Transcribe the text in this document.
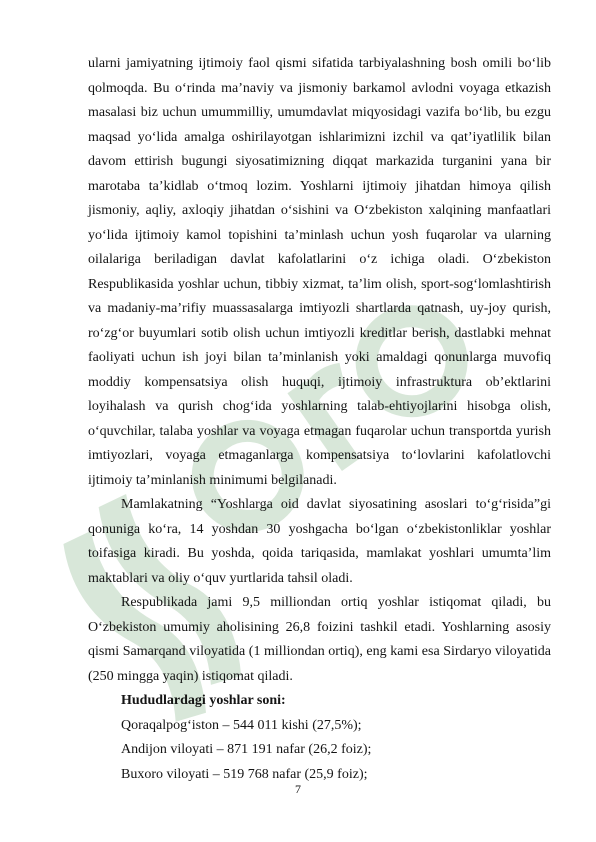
ularni jamiyatning ijtimoiy faol qismi sifatida tarbiyalashning bosh omili bo‘lib qolmoqda. Bu o‘rinda ma’naviy va jismoniy barkamol avlodni voyaga etkazish masalasi biz uchun umummilliy, umumdavlat miqyosidagi vazifa bo‘lib, bu ezgu maqsad yo‘lida amalga oshirilayotgan ishlarimizni izchil va qat’iyatlilik bilan davom ettirish bugungi siyosatimizning diqqat markazida turganini yana bir marotaba ta’kidlab o‘tmoq lozim. Yoshlarni ijtimoiy jihatdan himoya qilish jismoniy, aqliy, axloqiy jihatdan o‘sishini va O‘zbekiston xalqining manfaatlari yo‘lida ijtimoiy kamol topishini ta’minlash uchun yosh fuqarolar va ularning oilalariga beriladigan davlat kafolatlarini o‘z ichiga oladi. O‘zbekiston Respublikasida yoshlar uchun, tibbiy xizmat, ta’lim olish, sport-sog‘lomlashtirish va madaniy-ma’rifiy muassasalarga imtiyozli shartlarda qatnash, uy-joy qurish, ro‘zg‘or buyumlari sotib olish uchun imtiyozli kreditlar berish, dastlabki mehnat faoliyati uchun ish joyi bilan ta’minlanish yoki amaldagi qonunlarga muvofiq moddiy kompensatsiya olish huquqi, ijtimoiy infrastruktura ob’ektlarini loyihalash va qurish chog‘ida yoshlarning talab-ehtiyojlarini hisobga olish, o‘quvchilar, talaba yoshlar va voyaga etmagan fuqarolar uchun transportda yurish imtiyozlari, voyaga etmaganlarga kompensatsiya to‘lovlarini kafolatlovchi ijtimoiy ta’minlanish minimumi belgilanadi.

Mamlakatning “Yoshlarga oid davlat siyosatining asoslari to‘g‘risida”gi qonuniga ko‘ra, 14 yoshdan 30 yoshgacha bo‘lgan o‘zbekistonliklar yoshlar toifasiga kiradi. Bu yoshda, qoida tariqasida, mamlakat yoshlari umumta’lim maktablari va oliy o‘quv yurtlarida tahsil oladi.

Respublikada jami 9,5 milliondan ortiq yoshlar istiqomat qiladi, bu O‘zbekiston umumiy aholisining 26,8 foizini tashkil etadi. Yoshlarning asosiy qismi Samarqand viloyatida (1 milliondan ortiq), eng kami esa Sirdaryo viloyatida (250 mingga yaqin) istiqomat qiladi.

Hududlardagi yoshlar soni:

Qoraqalpog‘iston – 544 011 kishi (27,5%);

Andijon viloyati – 871 191 nafar (26,2 foiz);

Buxoro viloyati – 519 768 nafar (25,9 foiz);

7
